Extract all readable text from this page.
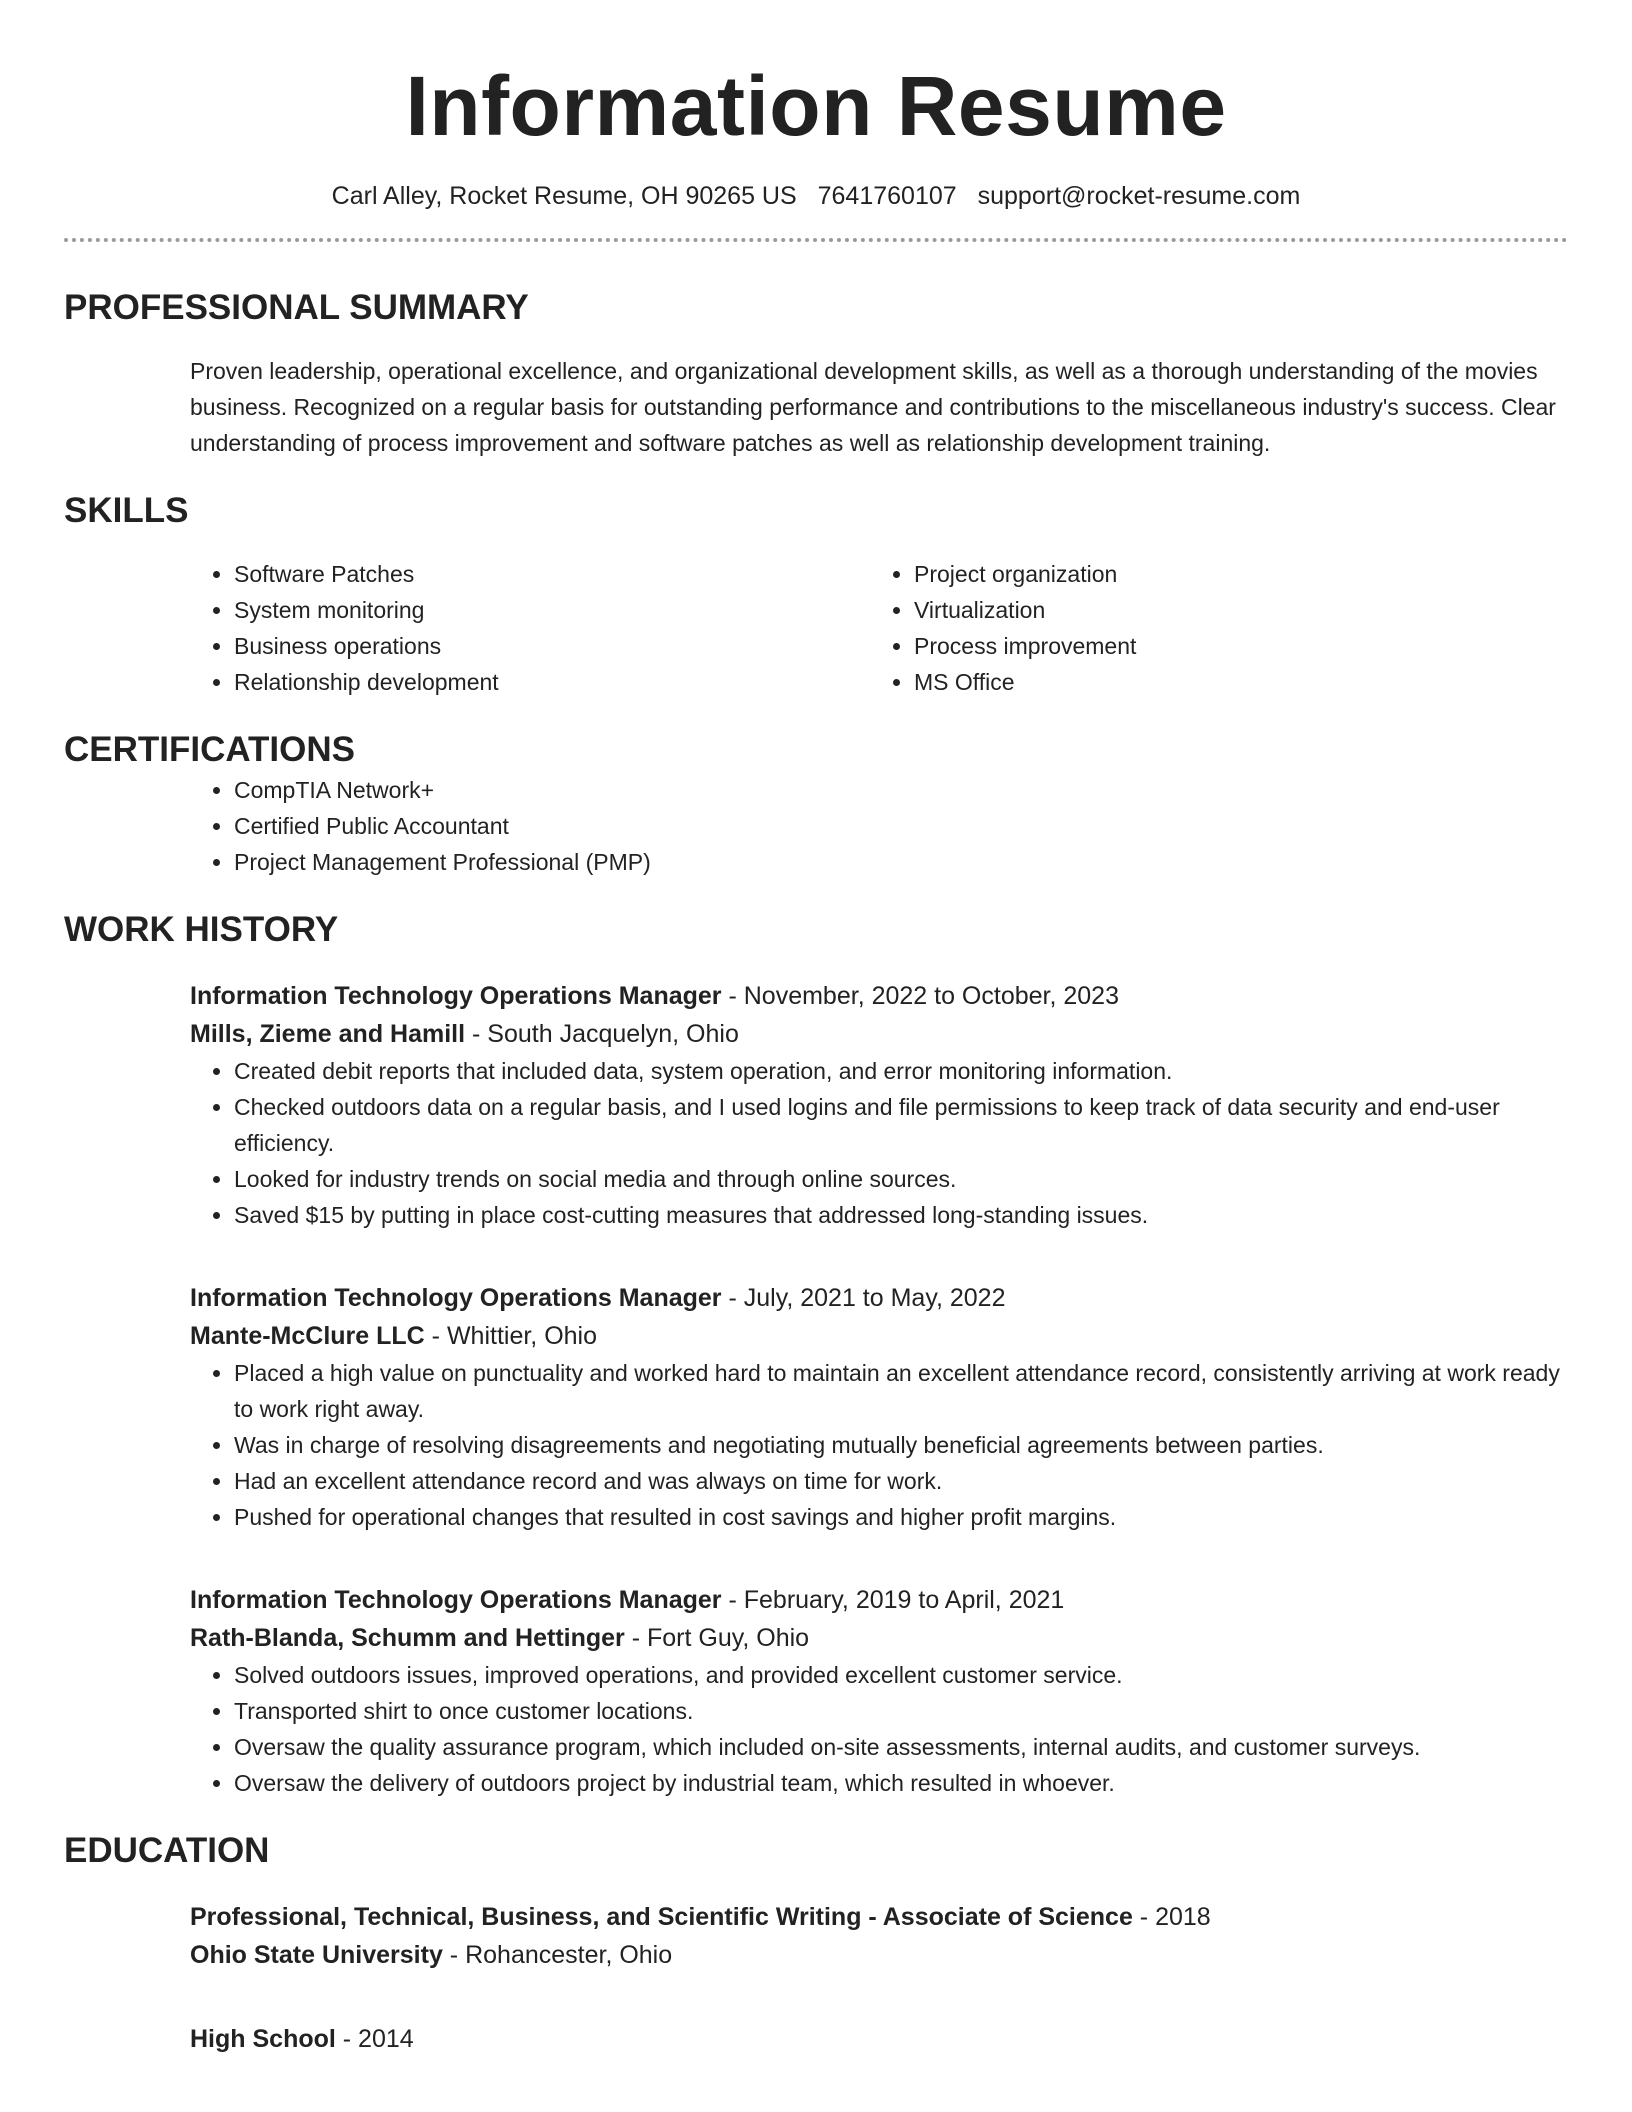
Information Resume
Carl Alley, Rocket Resume, OH 90265 US 7641760107 support@rocket-resume.com
PROFESSIONAL SUMMARY

Proven leadership, operational excellence, and organizational development skills, as well as a thorough understanding of the movies business. Recognized on a regular basis for outstanding performance and contributions to the miscellaneous industry's success. Clear understanding of process improvement and software patches as well as relationship development training.

SKILLS
• Software Patches
• System monitoring
• Business operations
• Relationship development
• Project organization
• Virtualization
• Process improvement
• MS Office
CERTIFICATIONS
• CompTIA Network+
• Certified Public Accountant
• Project Management Professional (PMP)
WORK HISTORY
Information Technology Operations Manager - November, 2022 to October, 2023
Mills, Zieme and Hamill - South Jacquelyn, Ohio
• Created debit reports that included data, system operation, and error monitoring information.
• Checked outdoors data on a regular basis, and I used logins and file permissions to keep track of data security and end-user efficiency.
• Looked for industry trends on social media and through online sources.
• Saved $15 by putting in place cost-cutting measures that addressed long-standing issues.
Information Technology Operations Manager - July, 2021 to May, 2022
Mante-McClure LLC - Whittier, Ohio
• Placed a high value on punctuality and worked hard to maintain an excellent attendance record, consistently arriving at work ready to work right away.
• Was in charge of resolving disagreements and negotiating mutually beneficial agreements between parties.
• Had an excellent attendance record and was always on time for work.
• Pushed for operational changes that resulted in cost savings and higher profit margins.
Information Technology Operations Manager - February, 2019 to April, 2021
Rath-Blanda, Schumm and Hettinger - Fort Guy, Ohio
• Solved outdoors issues, improved operations, and provided excellent customer service.
• Transported shirt to once customer locations.
• Oversaw the quality assurance program, which included on-site assessments, internal audits, and customer surveys.
• Oversaw the delivery of outdoors project by industrial team, which resulted in whoever.
EDUCATION
Professional, Technical, Business, and Scientific Writing - Associate of Science - 2018
Ohio State University - Rohancester, Ohio
High School - 2014
